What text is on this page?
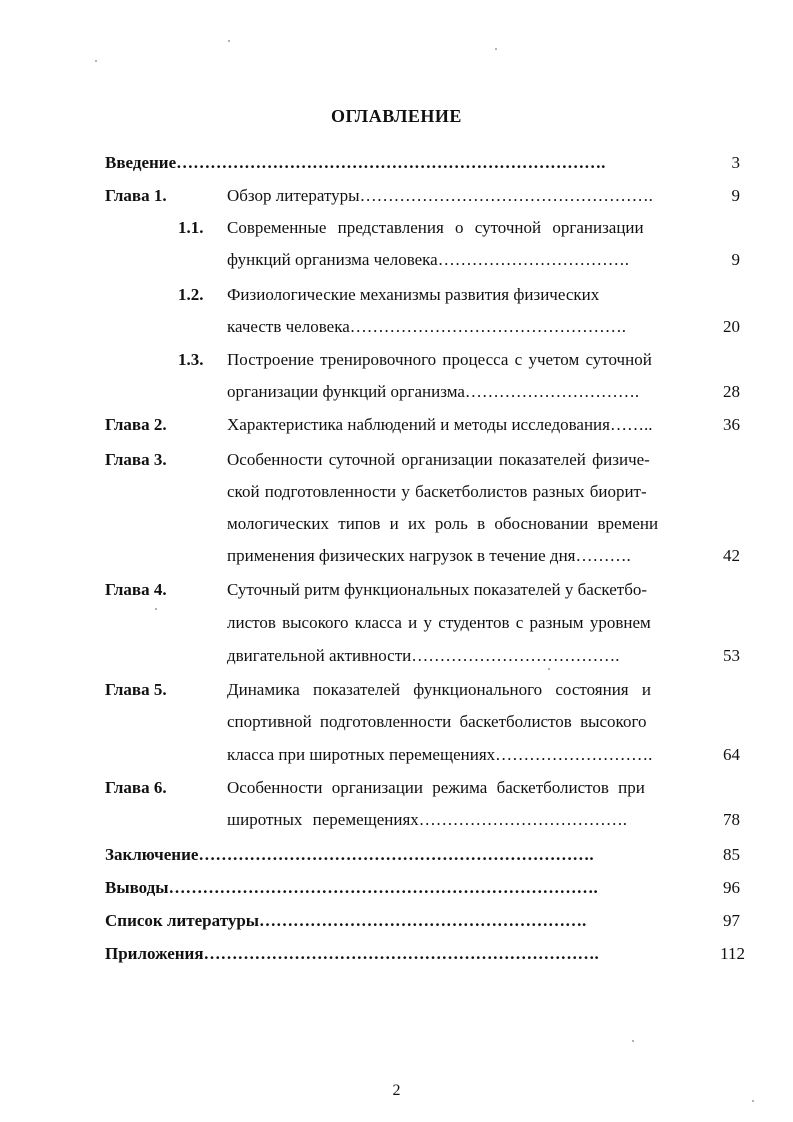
ОГЛАВЛЕНИЕ
Введение………………………………………………………………….	3
Глава 1.	Обзор литературы…………………………………………….	9
1.1. Современные представления о суточной организации
функций организма человека…………………………….	9
1.2. Физиологические механизмы развития физических
качеств человека………………………………………….	20
1.3. Построение тренировочного процесса с учетом суточной
организации функций организма………………………….	28
Глава 2.	Характеристика наблюдений и методы исследования……..	36
Глава 3.	Особенности суточной организации показателей физиче-
ской подготовленности у баскетболистов разных биорит-
мологических типов и их роль в обосновании времени
применения физических нагрузок в течение дня……….	42
Глава 4.	Суточный ритм функциональных показателей у баскетбо-
листов высокого класса и у студентов с разным уровнем
двигательной активности……………………………….	53
Глава 5.	Динамика показателей функционального состояния и
спортивной подготовленности баскетболистов высокого
класса при широтных перемещениях……………………….	64
Глава 6.	Особенности организации режима баскетболистов при
широтных перемещениях……………………………….	78
Заключение…………………………………………………………….	85
Выводы………………………………………………………………….	96
Список литературы………………………………………………….	97
Приложения…………………………………………………………….	112
2
